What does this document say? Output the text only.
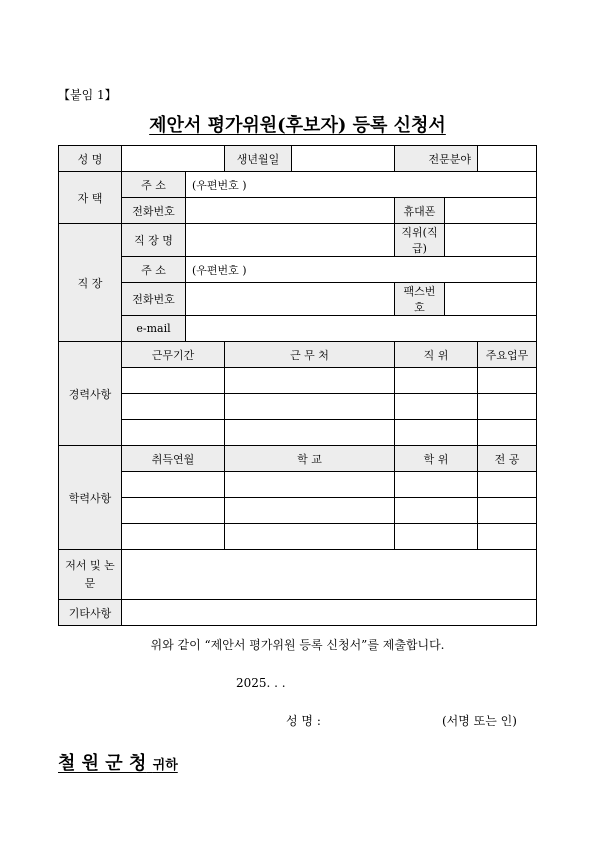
【붙임 1】
제안서 평가위원(후보자) 등록 신청서
성 명			생년월일		전문분야		
자 택	주 소	(우편번호 )					
	전화번호				휴대폰		
직 장	직 장 명				직위(직급)		
	주 소	(우편번호 )					
	전화번호				팩스번호		
	e-mail						
경력사항	근무기간		근 무 처		직 위		주요업무

학력사항	취득연월		학 교		학 위		전 공

저서 및 논문							
기타사항							
위와 같이 “제안서 평가위원 등록 신청서”를 제출합니다.
2025. . .
성 명 :	(서명 또는 인)
철 원 군 청 귀하
